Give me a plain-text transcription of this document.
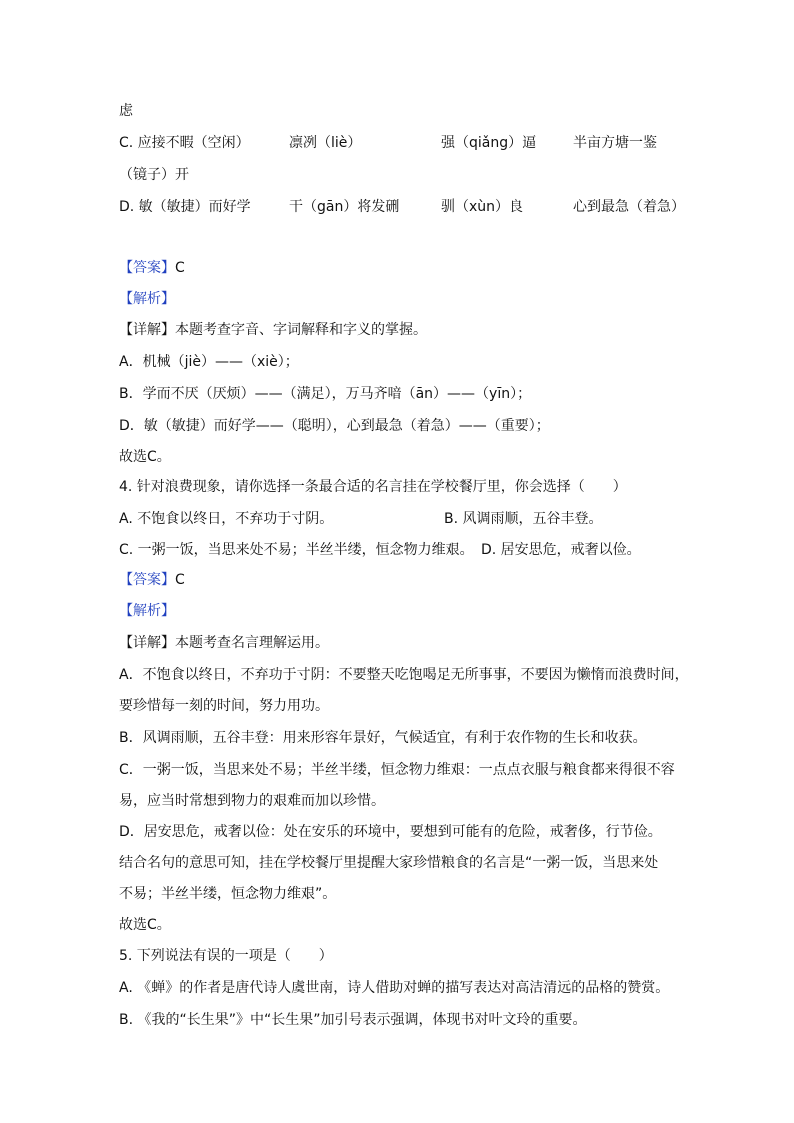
虑
C. 应接不暇（空闲）	凛冽（liè）	强（qiǎng）逼	半亩方塘一鉴
（镜子）开
D. 敏（敏捷）而好学	干（gān）将发硎	驯（xùn）良	心到最急（着急）
【答案】C
【解析】
【详解】本题考查字音、字词解释和字义的掌握。
A．机械（jiè）——（xiè）；
B．学而不厌（厌烦）——（满足），万马齐喑（ān）——（yīn）；
D．敏（敏捷）而好学——（聪明），心到最急（着急）——（重要）；
故选C。
4. 针对浪费现象，请你选择一条最合适的名言挂在学校餐厅里，你会选择（　　）
A. 不饱食以终日，不弃功于寸阴。	B. 风调雨顺，五谷丰登。
C. 一粥一饭，当思来处不易；半丝半缕，恒念物力维艰。 D. 居安思危，戒奢以俭。
【答案】C
【解析】
【详解】本题考查名言理解运用。
A．不饱食以终日，不弃功于寸阴：不要整天吃饱喝足无所事事，不要因为懒惰而浪费时间，
要珍惜每一刻的时间，努力用功。
B．风调雨顺，五谷丰登：用来形容年景好，气候适宜，有利于农作物的生长和收获。
C．一粥一饭，当思来处不易；半丝半缕，恒念物力维艰：一点点衣服与粮食都来得很不容
易，应当时常想到物力的艰难而加以珍惜。
D．居安思危，戒奢以俭：处在安乐的环境中，要想到可能有的危险，戒奢侈，行节俭。
结合名句的意思可知，挂在学校餐厅里提醒大家珍惜粮食的名言是“一粥一饭，当思来处
不易；半丝半缕，恒念物力维艰”。
故选C。
5. 下列说法有误的一项是（　　）
A. 《蝉》的作者是唐代诗人虞世南，诗人借助对蝉的描写表达对高洁清远的品格的赞赏。
B. 《我的“长生果”》中“长生果”加引号表示强调，体现书对叶文玲的重要。
